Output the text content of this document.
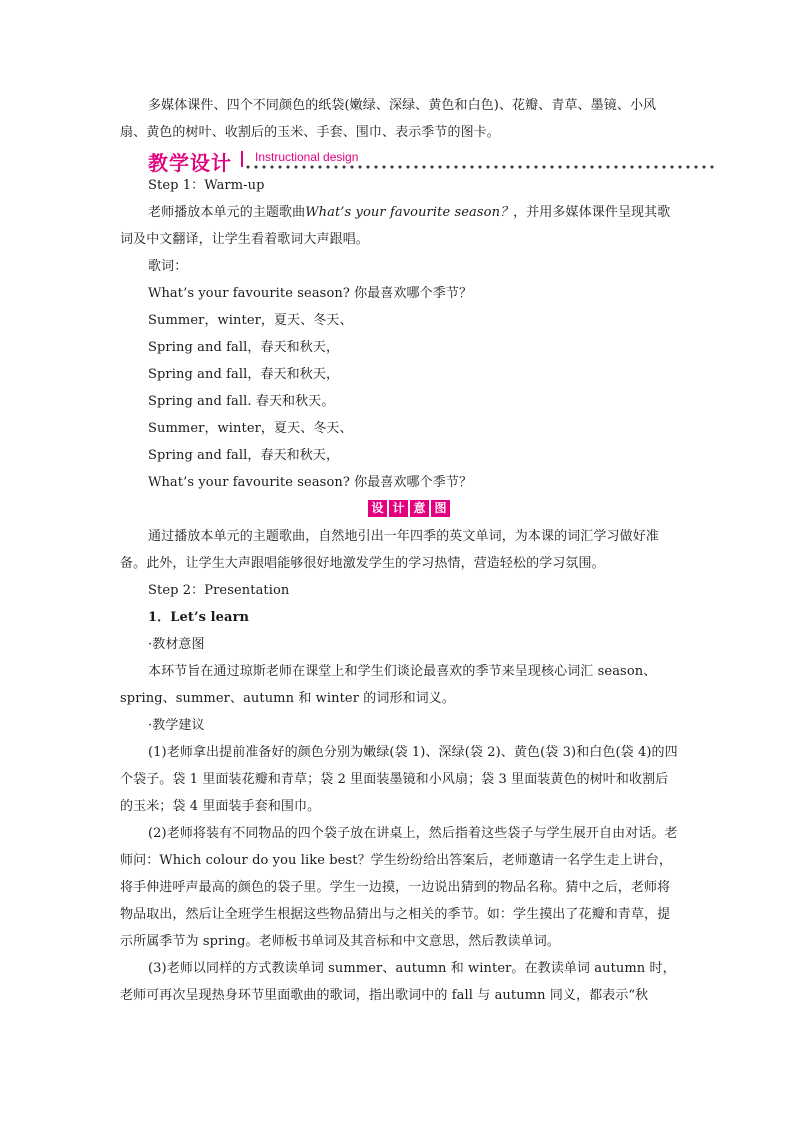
多媒体课件、四个不同颜色的纸袋(嫩绿、深绿、黄色和白色)、花瓣、青草、墨镜、小风扇、黄色的树叶、收割后的玉米、手套、围巾、表示季节的图卡。

教学设计 Instructional design

Step 1：Warm-up

老师播放本单元的主题歌曲What’s your favourite season？，并用多媒体课件呈现其歌词及中文翻译，让学生看着歌词大声跟唱。

歌词：

What’s your favourite season? 你最喜欢哪个季节？

Summer，winter，夏天、冬天、

Spring and fall，春天和秋天，

Spring and fall，春天和秋天，

Spring and fall. 春天和秋天。

Summer，winter，夏天、冬天、

Spring and fall，春天和秋天，

What’s your favourite season? 你最喜欢哪个季节？

设 计 意 图

通过播放本单元的主题歌曲，自然地引出一年四季的英文单词，为本课的词汇学习做好准备。此外，让学生大声跟唱能够很好地激发学生的学习热情，营造轻松的学习氛围。

Step 2：Presentation

1．Let’s learn

·教材意图

本环节旨在通过琼斯老师在课堂上和学生们谈论最喜欢的季节来呈现核心词汇 season、spring、summer、autumn 和 winter 的词形和词义。

·教学建议

(1)老师拿出提前准备好的颜色分别为嫩绿(袋 1)、深绿(袋 2)、黄色(袋 3)和白色(袋 4)的四个袋子。袋 1 里面装花瓣和青草；袋 2 里面装墨镜和小风扇；袋 3 里面装黄色的树叶和收割后的玉米；袋 4 里面装手套和围巾。

(2)老师将装有不同物品的四个袋子放在讲桌上，然后指着这些袋子与学生展开自由对话。老师问：Which colour do you like best？学生纷纷给出答案后，老师邀请一名学生走上讲台，将手伸进呼声最高的颜色的袋子里。学生一边摸，一边说出猜到的物品名称。猜中之后，老师将物品取出，然后让全班学生根据这些物品猜出与之相关的季节。如：学生摸出了花瓣和青草，提示所属季节为 spring。老师板书单词及其音标和中文意思，然后教读单词。

(3)老师以同样的方式教读单词 summer、autumn 和 winter。在教读单词 autumn 时，老师可再次呈现热身环节里面歌曲的歌词，指出歌词中的 fall 与 autumn 同义，都表示“秋
